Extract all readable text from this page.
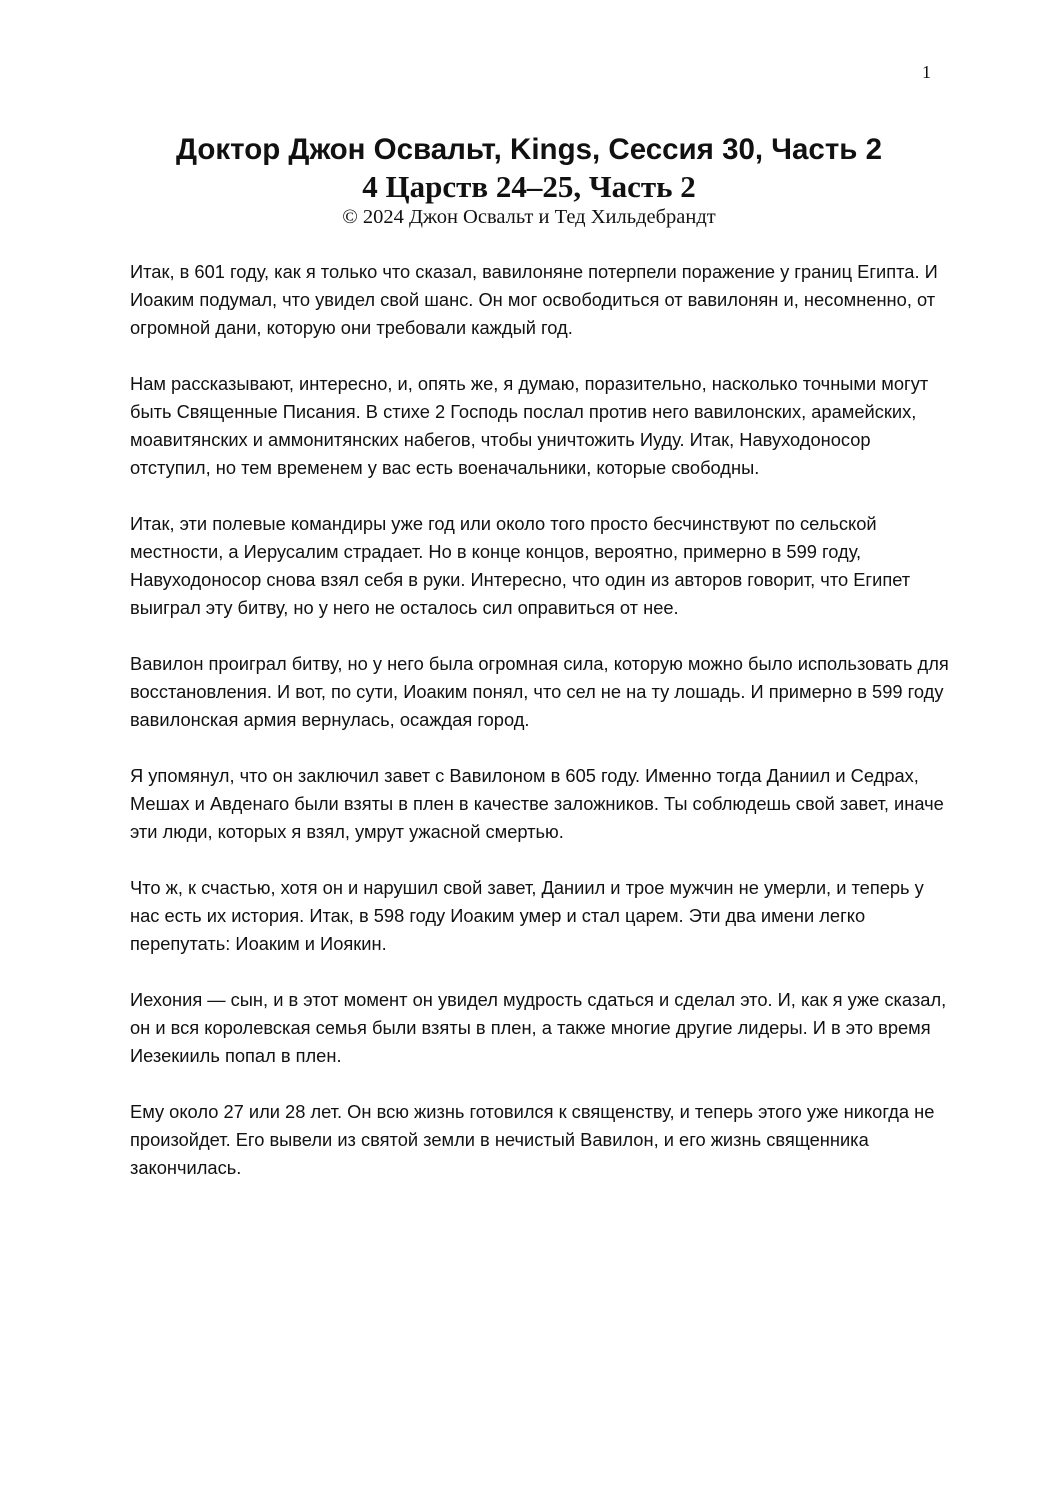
1

Доктор Джон Освальт, Kings, Сессия 30, Часть 2

4 Царств 24–25, Часть 2

© 2024 Джон Освальт и Тед Хильдебрандт

Итак, в 601 году, как я только что сказал, вавилоняне потерпели поражение у границ Египта. И Иоаким подумал, что увидел свой шанс. Он мог освободиться от вавилонян и, несомненно, от огромной дани, которую они требовали каждый год.

Нам рассказывают, интересно, и, опять же, я думаю, поразительно, насколько точными могут быть Священные Писания. В стихе 2 Господь послал против него вавилонских, арамейских, моавитянских и аммонитянских набегов, чтобы уничтожить Иуду. Итак, Навуходоносор отступил, но тем временем у вас есть военачальники, которые свободны.

Итак, эти полевые командиры уже год или около того просто бесчинствуют по сельской местности, а Иерусалим страдает. Но в конце концов, вероятно, примерно в 599 году, Навуходоносор снова взял себя в руки. Интересно, что один из авторов говорит, что Египет выиграл эту битву, но у него не осталось сил оправиться от нее.

Вавилон проиграл битву, но у него была огромная сила, которую можно было использовать для восстановления. И вот, по сути, Иоаким понял, что сел не на ту лошадь. И примерно в 599 году вавилонская армия вернулась, осаждая город.

Я упомянул, что он заключил завет с Вавилоном в 605 году. Именно тогда Даниил и Седрах, Мешах и Авденаго были взяты в плен в качестве заложников. Ты соблюдешь свой завет, иначе эти люди, которых я взял, умрут ужасной смертью.

Что ж, к счастью, хотя он и нарушил свой завет, Даниил и трое мужчин не умерли, и теперь у нас есть их история. Итак, в 598 году Иоаким умер и стал царем. Эти два имени легко перепутать: Иоаким и Иоякин.

Иехония — сын, и в этот момент он увидел мудрость сдаться и сделал это. И, как я уже сказал, он и вся королевская семья были взяты в плен, а также многие другие лидеры. И в это время Иезекииль попал в плен.

Ему около 27 или 28 лет. Он всю жизнь готовился к священству, и теперь этого уже никогда не произойдет. Его вывели из святой земли в нечистый Вавилон, и его жизнь священника закончилась.
